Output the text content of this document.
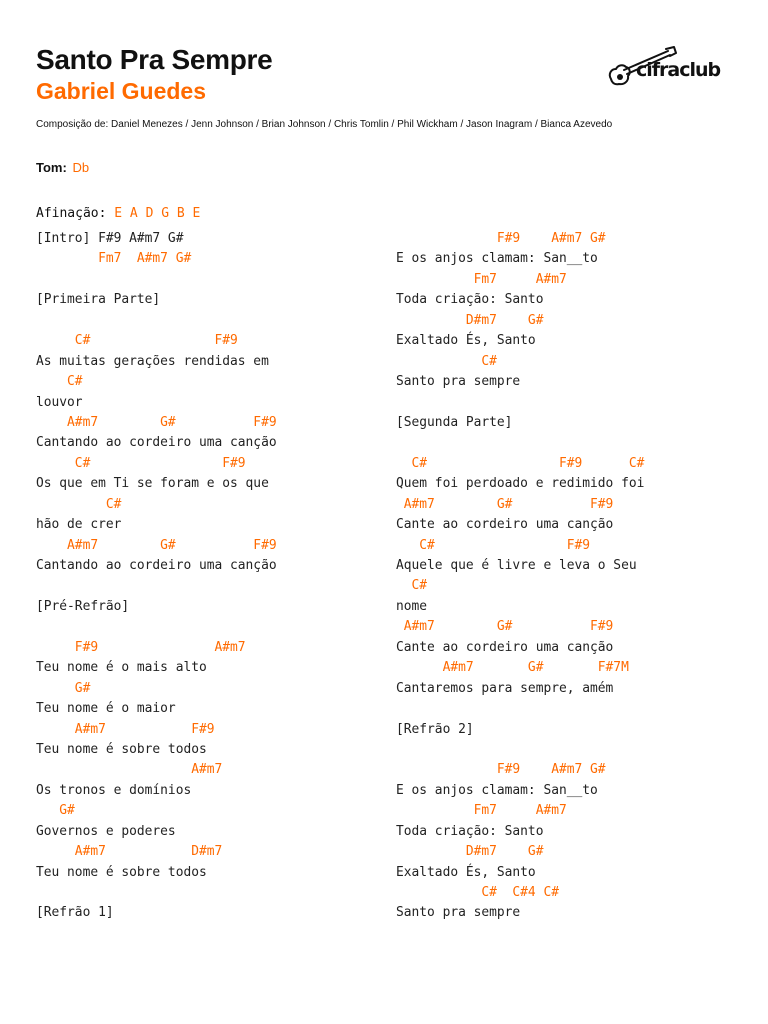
Santo Pra Sempre
Gabriel Guedes
Composição de: Daniel Menezes / Jenn Johnson / Brian Johnson / Chris Tomlin / Phil Wickham / Jason Inagram / Bianca Azevedo
cifraclub
Tom: Db
Afinação: E A D G B E
[Intro] F#9 A#m7 G#
Fm7  A#m7 G#
[Primeira Parte]
C#                F#9
As muitas gerações rendidas em
C#
louvor
A#m7        G#          F#9
Cantando ao cordeiro uma canção
C#                 F#9
Os que em Ti se foram e os que
C#
hão de crer
A#m7        G#          F#9
Cantando ao cordeiro uma canção
[Pré-Refrão]
F#9               A#m7
Teu nome é o mais alto
G#
Teu nome é o maior
A#m7           F#9
Teu nome é sobre todos
A#m7
Os tronos e domínios
G#
Governos e poderes
A#m7           D#m7
Teu nome é sobre todos
[Refrão 1]
F#9    A#m7 G#
E os anjos clamam: San__to
Fm7     A#m7
Toda criação: Santo
D#m7    G#
Exaltado És, Santo
C#
Santo pra sempre
[Segunda Parte]
C#                 F#9      C#
Quem foi perdoado e redimido foi
A#m7        G#          F#9
Cante ao cordeiro uma canção
C#                 F#9
Aquele que é livre e leva o Seu
C#
nome
A#m7        G#          F#9
Cante ao cordeiro uma canção
A#m7       G#       F#7M
Cantaremos para sempre, amém
[Refrão 2]
F#9    A#m7 G#
E os anjos clamam: San__to
Fm7     A#m7
Toda criação: Santo
D#m7    G#
Exaltado És, Santo
C#  C#4 C#
Santo pra sempre
